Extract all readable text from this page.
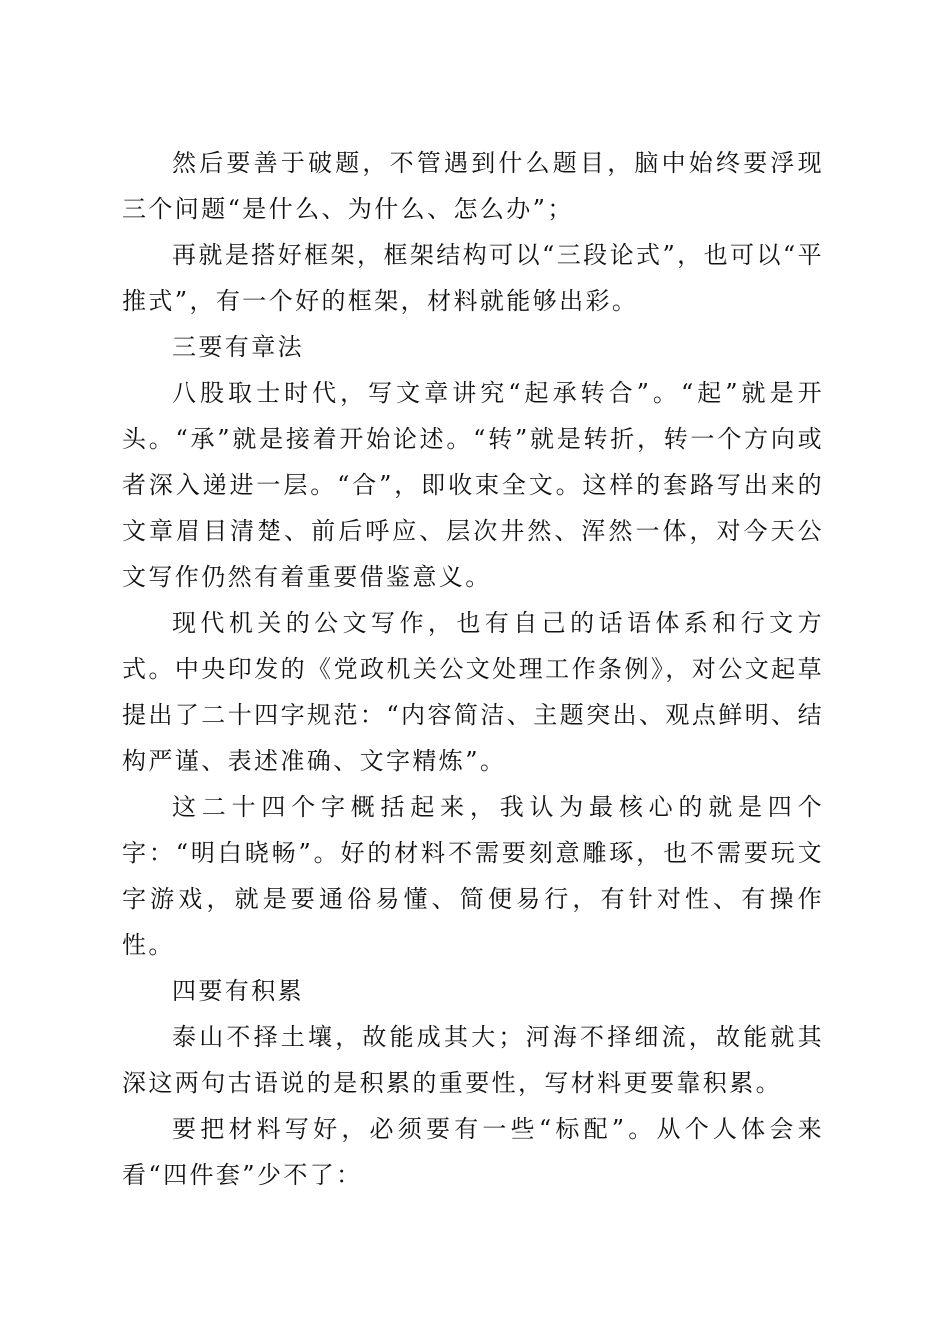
然后要善于破题，不管遇到什么题目，脑中始终要浮现三个问题“是什么、为什么、怎么办”；

再就是搭好框架，框架结构可以“三段论式”，也可以“平推式”，有一个好的框架，材料就能够出彩。

三要有章法

八股取士时代，写文章讲究“起承转合”。“起”就是开头。“承”就是接着开始论述。“转”就是转折，转一个方向或者深入递进一层。“合”，即收束全文。这样的套路写出来的文章眉目清楚、前后呼应、层次井然、浑然一体，对今天公文写作仍然有着重要借鉴意义。

现代机关的公文写作，也有自己的话语体系和行文方式。中央印发的《党政机关公文处理工作条例》，对公文起草提出了二十四字规范：“内容简洁、主题突出、观点鲜明、结构严谨、表述准确、文字精炼”。

这二十四个字概括起来，我认为最核心的就是四个字：“明白晓畅”。好的材料不需要刻意雕琢，也不需要玩文字游戏，就是要通俗易懂、简便易行，有针对性、有操作性。

四要有积累

泰山不择土壤，故能成其大；河海不择细流，故能就其深这两句古语说的是积累的重要性，写材料更要靠积累。

要把材料写好，必须要有一些“标配”。从个人体会来看“四件套”少不了：
